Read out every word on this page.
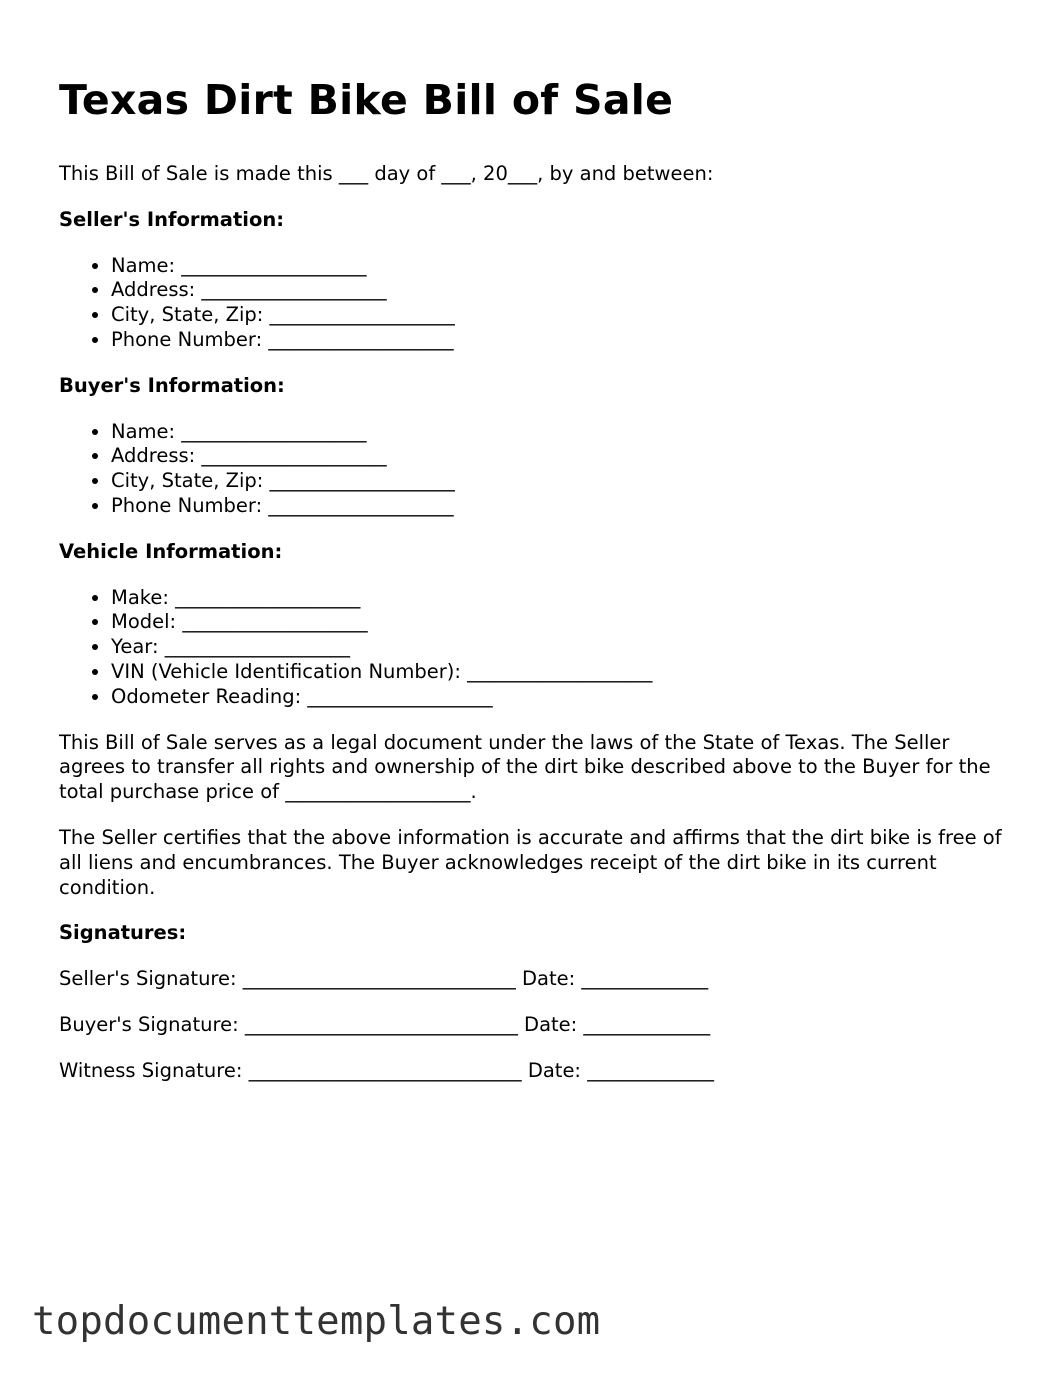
Texas Dirt Bike Bill of Sale

This Bill of Sale is made this ___ day of ___, 20___, by and between:

Seller's Information:

• Name: ___________________
• Address: ___________________
• City, State, Zip: ___________________
• Phone Number: ___________________

Buyer's Information:

• Name: ___________________
• Address: ___________________
• City, State, Zip: ___________________
• Phone Number: ___________________

Vehicle Information:

• Make: ___________________
• Model: ___________________
• Year: ___________________
• VIN (Vehicle Identification Number): ___________________
• Odometer Reading: ___________________

This Bill of Sale serves as a legal document under the laws of the State of Texas. The Seller agrees to transfer all rights and ownership of the dirt bike described above to the Buyer for the total purchase price of ___________________.

The Seller certifies that the above information is accurate and affirms that the dirt bike is free of all liens and encumbrances. The Buyer acknowledges receipt of the dirt bike in its current condition.

Signatures:

Seller's Signature: ____________________________ Date: _____________

Buyer's Signature: ____________________________ Date: _____________

Witness Signature: ____________________________ Date: _____________

topdocumenttemplates.com
